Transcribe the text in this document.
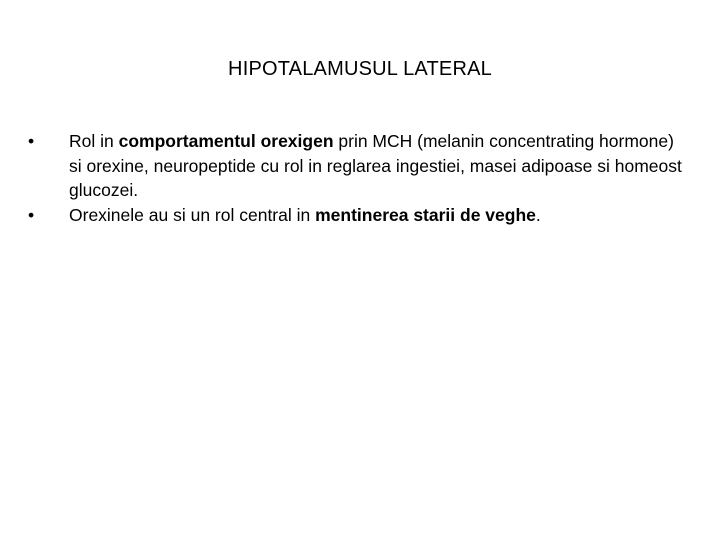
HIPOTALAMUSUL LATERAL
•	Rol in comportamentul orexigen prin MCH (melanin concentrating hormone) si orexine, neuropeptide cu rol in reglarea ingestiei, masei adipoase si homeost glucozei.
•	Orexinele au si un rol central in mentinerea starii de veghe.
